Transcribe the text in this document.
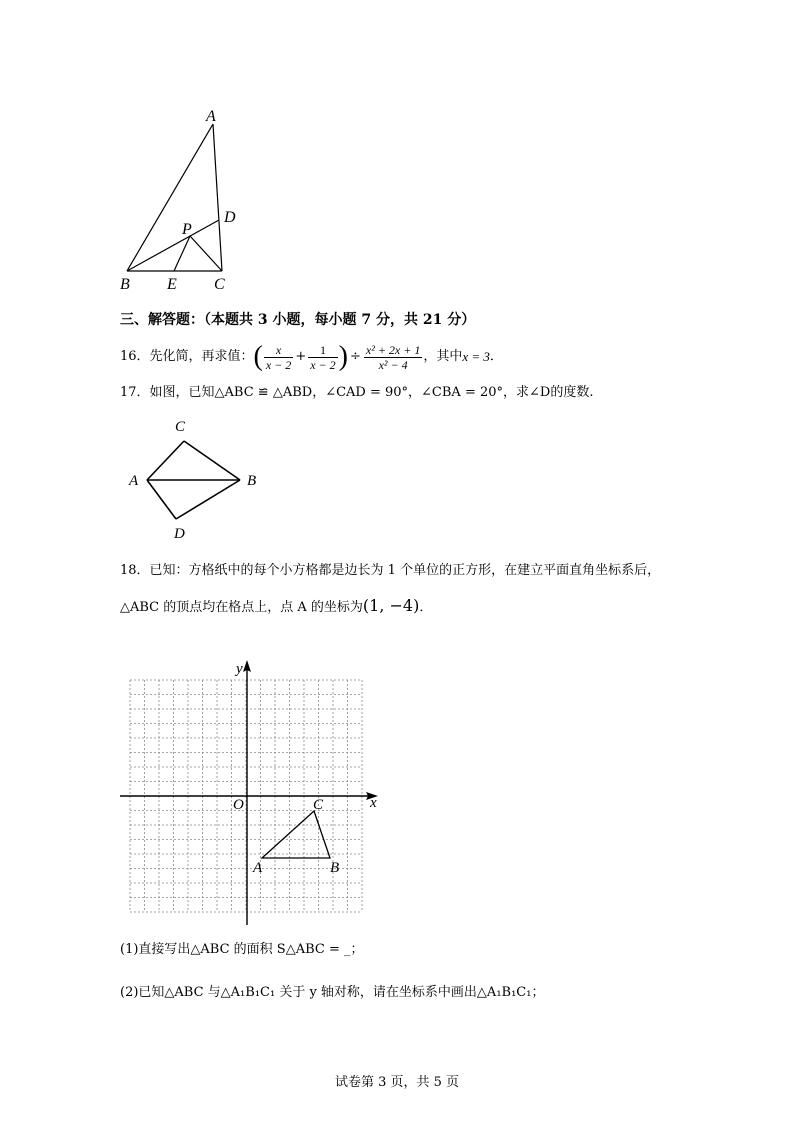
A
D
P
B E C
三、解答题：（本题共 3 小题，每小题 7 分，共 21 分）
16．先化简，再求值： ( $\frac{x}{x - 2} + \frac{1}{x - 2}$ ) ÷ $\frac{\text{x² + 2x + 1}}{\text{x² − 4}}$ ，其中 x = 3 ．
17．如图，已知△ABC ≌ △ABD，∠CAD = 90°，∠CBA = 20°，求∠D的度数.
C
A	B
D
18．已知：方格纸中的每个小方格都是边长为 1 个单位的正方形，在建立平面直角坐标系后，
△ABC 的顶点均在格点上，点 A 的坐标为(1, −4)．
y
x
O	C
A	B
(1)直接写出△ABC 的面积 S△ABC = _；
(2)已知△ABC 与△A₁B₁C₁ 关于 y 轴对称，请在坐标系中画出△A₁B₁C₁；
试卷第 3 页，共 5 页
